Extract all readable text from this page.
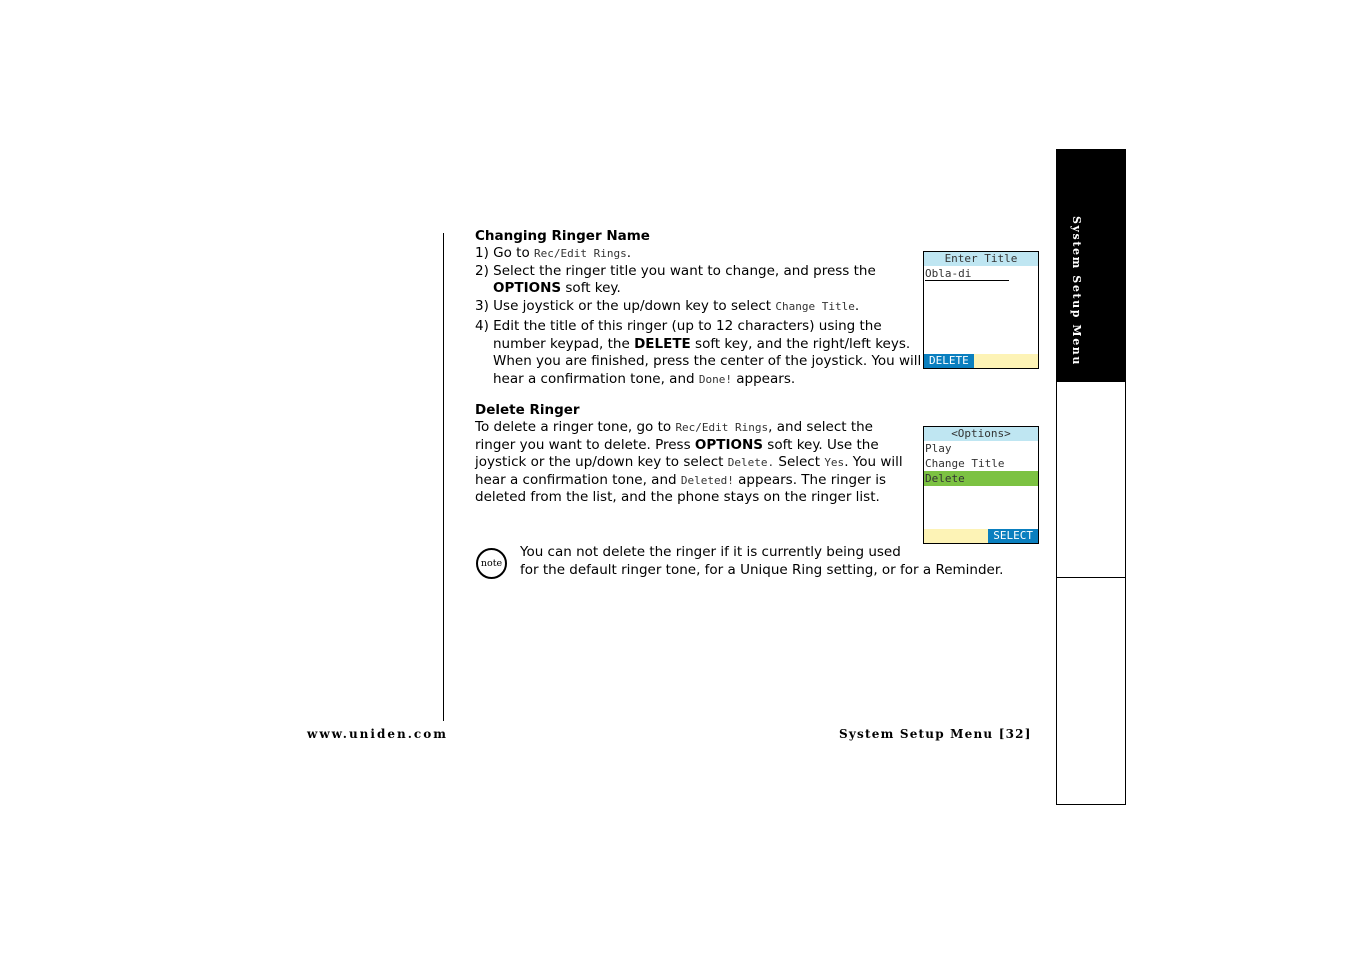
Changing Ringer Name

1) Go to Rec/Edit Rings.

2) Select the ringer title you want to change, and press the OPTIONS soft key.

3) Use joystick or the up/down key to select Change Title.

4) Edit the title of this ringer (up to 12 characters) using the number keypad, the DELETE soft key, and the right/left keys. When you are finished, press the center of the joystick. You will hear a confirmation tone, and Done! appears.

Delete Ringer

To delete a ringer tone, go to Rec/Edit Rings, and select the ringer you want to delete. Press OPTIONS soft key. Use the joystick or the up/down key to select Delete. Select Yes. You will hear a confirmation tone, and Deleted! appears. The ringer is deleted from the list, and the phone stays on the ringer list.

Enter Title
Obla-di
DELETE
<Options>
Play
Change Title
Delete
SELECT
note
You can not delete the ringer if it is currently being used
for the default ringer tone, for a Unique Ring setting, or for a Reminder.
www.uniden.com	System Setup Menu [32]
System Setup Menu
